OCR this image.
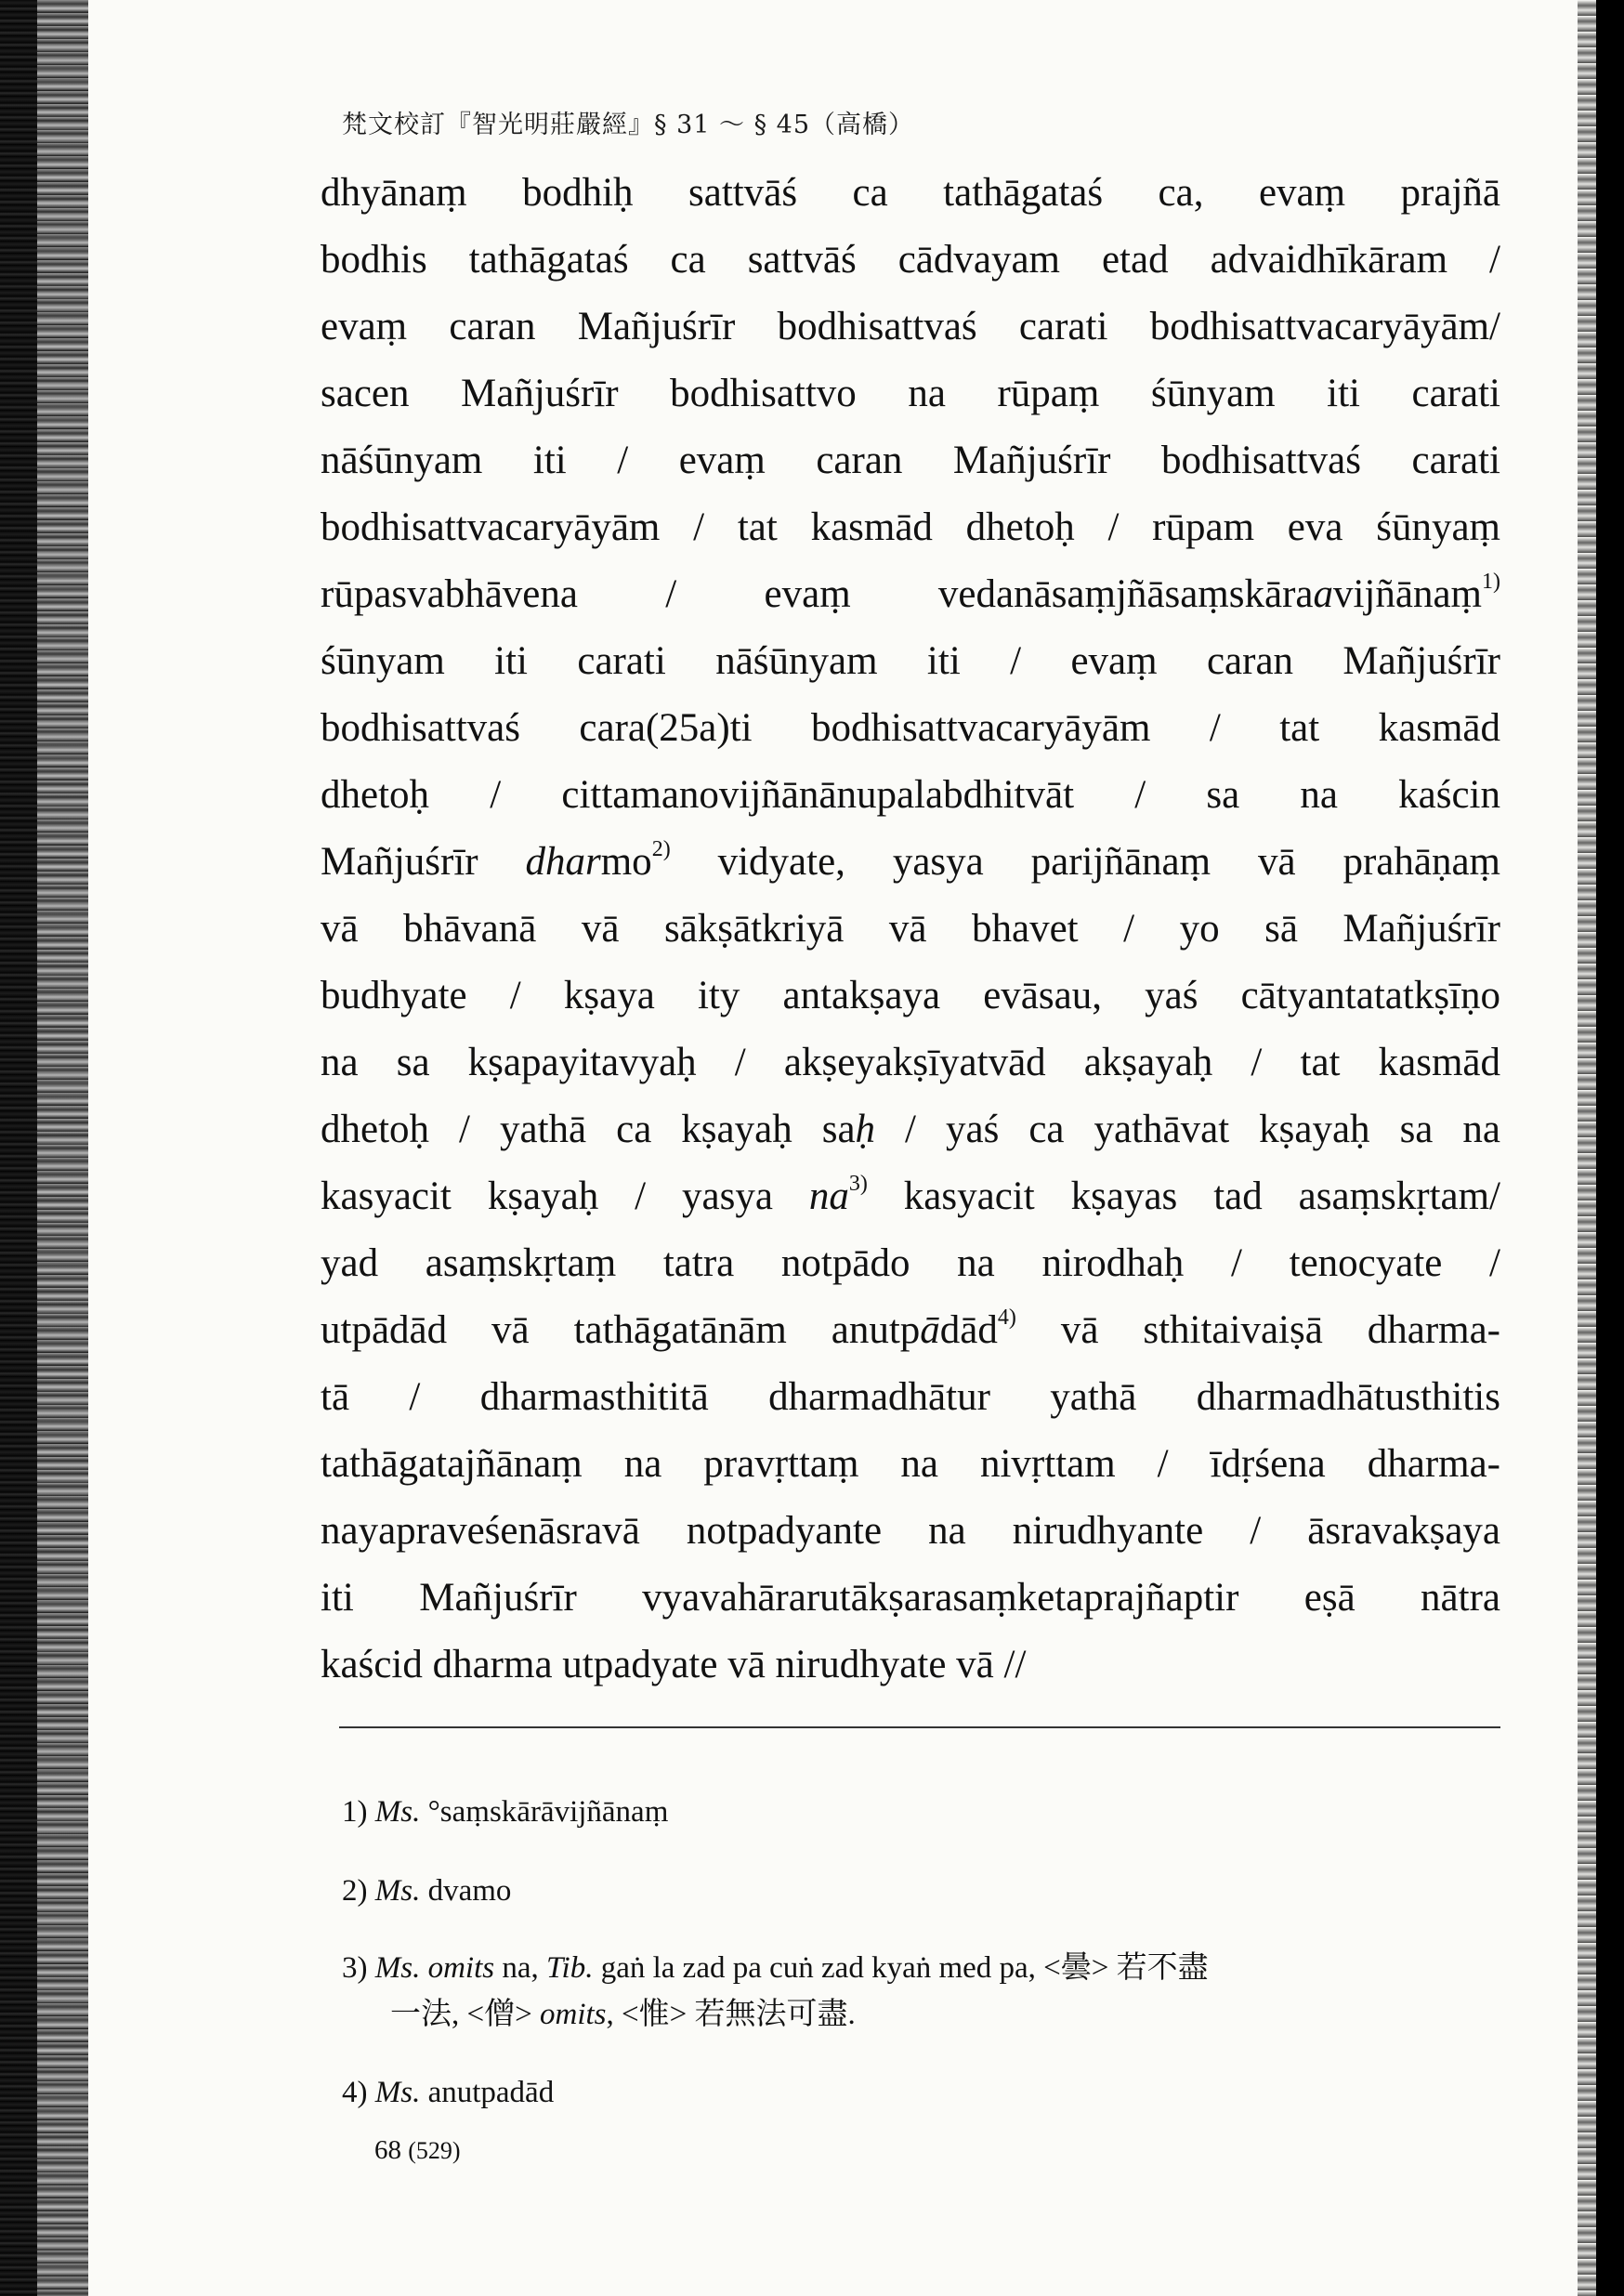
梵文校訂『智光明莊嚴經』§ 31 ～ § 45（高橋）
dhyānaṃ bodhiḥ sattvāś ca tathāgataś ca, evaṃ prajñā
bodhis tathāgataś ca sattvāś cādvayam etad advaidhīkāram /
evaṃ caran Mañjuśrīr bodhisattvaś carati bodhisattvacaryāyām/
sacen Mañjuśrīr bodhisattvo na rūpaṃ śūnyam iti carati
nāśūnyam iti / evaṃ caran Mañjuśrīr bodhisattvaś carati
bodhisattvacaryāyām / tat kasmād dhetoḥ / rūpam eva śūnyaṃ
rūpasvabhāvena / evaṃ vedanāsaṃjñāsaṃskāraavijñānaṃ$^{1)}$
śūnyam iti carati nāśūnyam iti / evaṃ caran Mañjuśrīr
bodhisattvaś cara(25a)ti bodhisattvacaryāyām / tat kasmād
dhetoḥ / cittamanovijñānānupalabdhitvāt / sa na kaścin
Mañjuśrīr dharmo$^{2)}$ vidyate, yasya parijñānaṃ vā prahāṇaṃ
vā bhāvanā vā sākṣātkriyā vā bhavet / yo sā Mañjuśrīr
budhyate / kṣaya ity antakṣaya evāsau, yaś cātyantatatkṣīṇo
na sa kṣapayitavyaḥ / akṣeyakṣīyatvād akṣayaḥ / tat kasmād
dhetoḥ / yathā ca kṣayaḥ saḥ / yaś ca yathāvat kṣayaḥ sa na
kasyacit kṣayaḥ / yasya $na^{3)}$ kasyacit kṣayas tad asaṃskṛtam/
yad asaṃskṛtaṃ tatra notpādo na nirodhaḥ / tenocyate /
utpādād vā tathāgatānām anutpādād$^{4)}$ vā sthitaivaiṣā dharma-
tā / dharmasthititā dharmadhātur yathā dharmadhātusthitis
tathāgatajñānaṃ na pravṛttaṃ na nivṛttam / īdṛśena dharma-
nayapraveśenāsravā notpadyante na nirudhyante / āsravakṣaya
iti Mañjuśrīr vyavahārarutākṣarasaṃketaprajñaptir eṣā nātra
kaścid dharma utpadyate vā nirudhyate vā //
1) Ms. °saṃskārāvijñānaṃ
2) Ms. dvamo
3) Ms. omits na, Tib. gaṅ la zad pa cuṅ zad kyaṅ med pa, <曇> 若不盡
一法, <僧> omits, <惟> 若無法可盡.
4) Ms. anutpadād
68 (529)
